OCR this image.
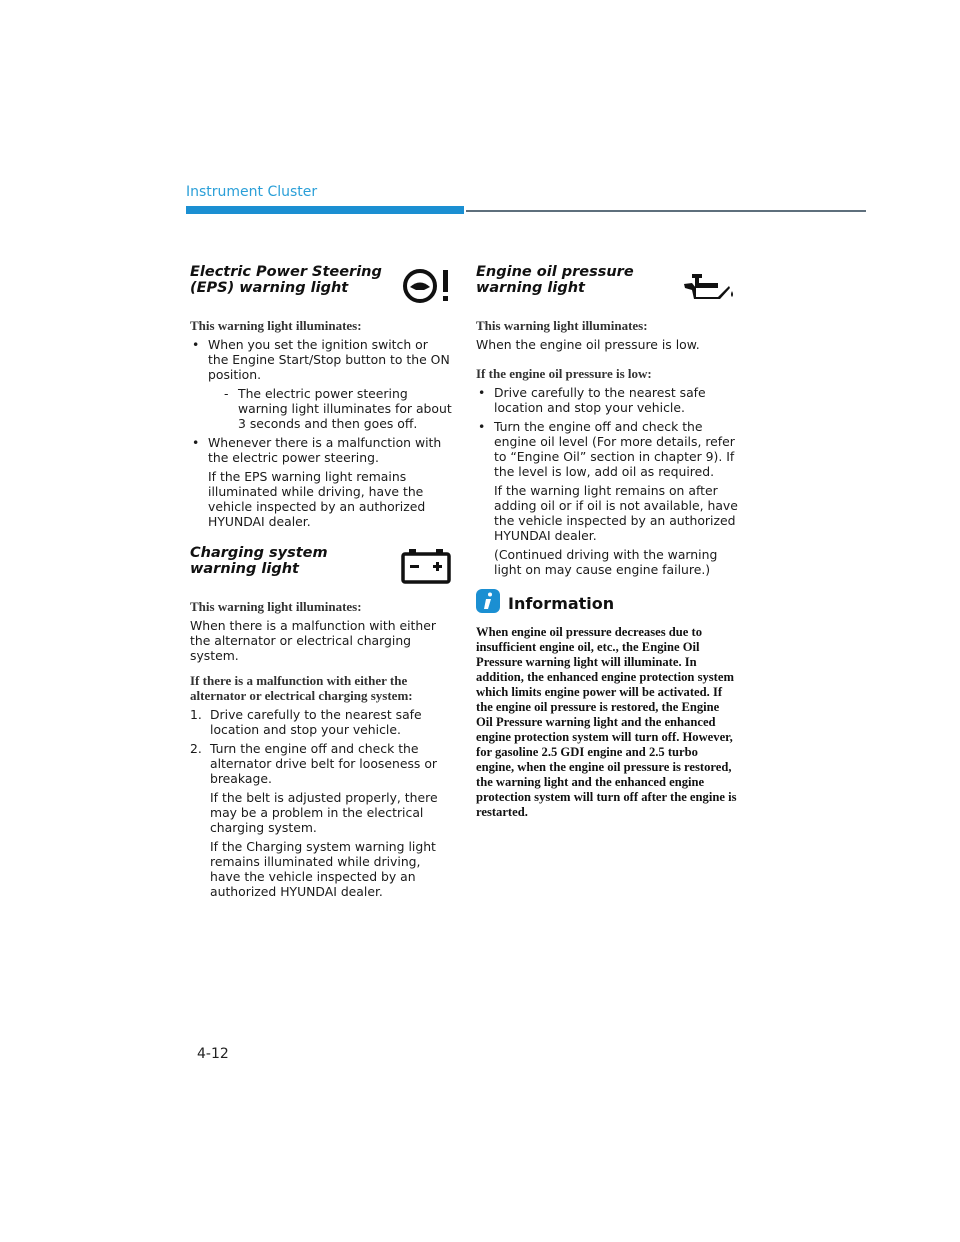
Instrument Cluster
Electric Power Steering (EPS) warning light
This warning light illuminates:
• When you set the ignition switch or the Engine Start/Stop button to the ON position.
- The electric power steering warning light illuminates for about 3 seconds and then goes off.
• Whenever there is a malfunction with the electric power steering.

If the EPS warning light remains illuminated while driving, have the vehicle inspected by an authorized HYUNDAI dealer.

Charging system warning light
This warning light illuminates:

When there is a malfunction with either the alternator or electrical charging system.

If there is a malfunction with either the alternator or electrical charging system:
1. Drive carefully to the nearest safe location and stop your vehicle.
2. Turn the engine off and check the alternator drive belt for looseness or breakage.

If the belt is adjusted properly, there may be a problem in the electrical charging system.

If the Charging system warning light remains illuminated while driving, have the vehicle inspected by an authorized HYUNDAI dealer.

Engine oil pressure warning light
This warning light illuminates:

When the engine oil pressure is low.

If the engine oil pressure is low:
• Drive carefully to the nearest safe location and stop your vehicle.
• Turn the engine off and check the engine oil level (For more details, refer to “Engine Oil” section in chapter 9). If the level is low, add oil as required.

If the warning light remains on after adding oil or if oil is not available, have the vehicle inspected by an authorized HYUNDAI dealer.

(Continued driving with the warning light on may cause engine failure.)

Information
When engine oil pressure decreases due to insufficient engine oil, etc., the Engine Oil Pressure warning light will illuminate. In addition, the enhanced engine protection system which limits engine power will be activated. If the engine oil pressure is restored, the Engine Oil Pressure warning light and the enhanced engine protection system will turn off. However, for gasoline 2.5 GDI engine and 2.5 turbo engine, when the engine oil pressure is restored, the warning light and the enhanced engine protection system will turn off after the engine is restarted.
4-12
